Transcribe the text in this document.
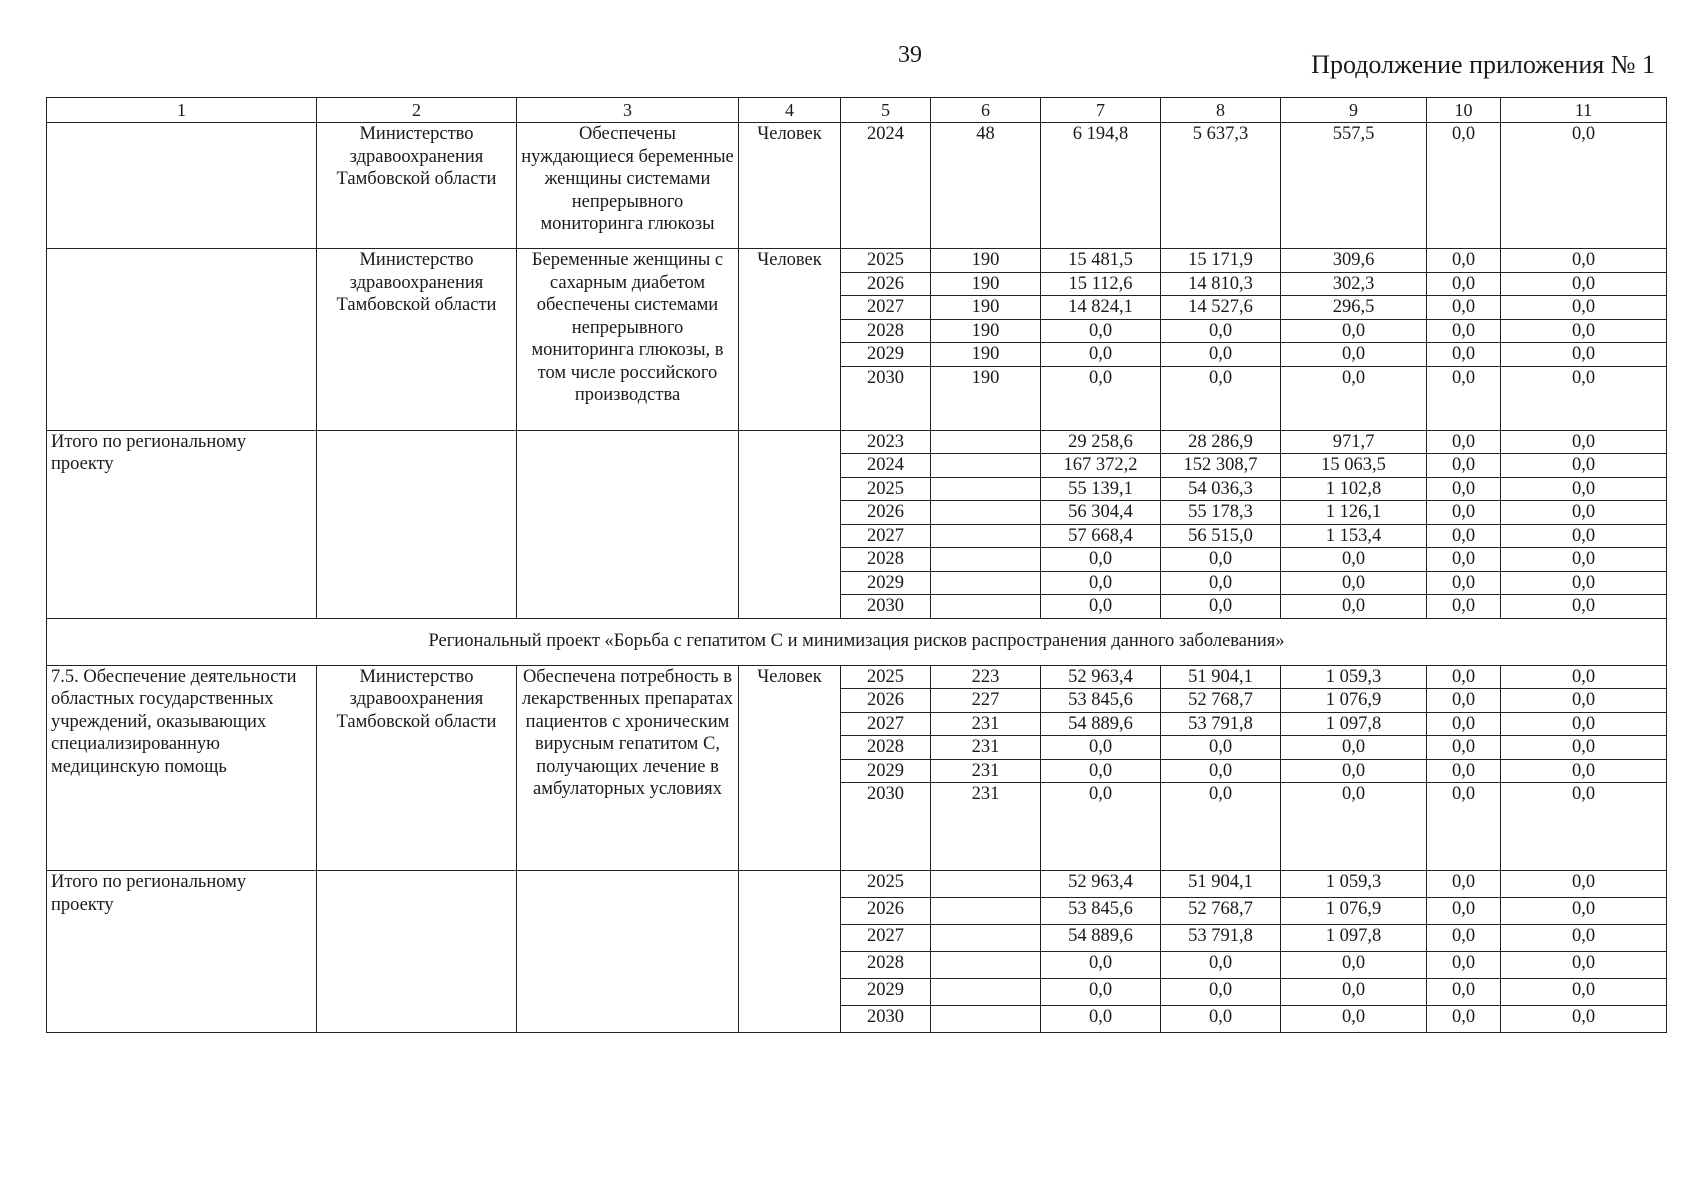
39	Продолжение приложения № 1
1	2	3	4	5	6	7	8	9	10	11
	Министерство здравоохранения Тамбовской области	Обеспечены нуждающиеся беременные женщины системами непрерывного мониторинга глюкозы	Человек	2024	48	6 194,8	5 637,3	557,5	0,0	0,0
	Министерство здравоохранения Тамбовской области	Беременные женщины с сахарным диабетом обеспечены системами непрерывного мониторинга глюкозы, в том числе российского производства	Человек	2025	190	15 481,5	15 171,9	309,6	0,0	0,0
				2026	190	15 112,6	14 810,3	302,3	0,0	0,0
				2027	190	14 824,1	14 527,6	296,5	0,0	0,0
				2028	190	0,0	0,0	0,0	0,0	0,0
				2029	190	0,0	0,0	0,0	0,0	0,0
				2030	190	0,0	0,0	0,0	0,0	0,0
Итого по региональному проекту				2023		29 258,6	28 286,9	971,7	0,0	0,0
				2024		167 372,2	152 308,7	15 063,5	0,0	0,0
				2025		55 139,1	54 036,3	1 102,8	0,0	0,0
				2026		56 304,4	55 178,3	1 126,1	0,0	0,0
				2027		57 668,4	56 515,0	1 153,4	0,0	0,0
				2028		0,0	0,0	0,0	0,0	0,0
				2029		0,0	0,0	0,0	0,0	0,0
				2030		0,0	0,0	0,0	0,0	0,0
Региональный проект «Борьба с гепатитом С и минимизация рисков распространения данного заболевания»										
7.5. Обеспечение деятельности областных государственных учреждений, оказывающих специализированную медицинскую помощь	Министерство здравоохранения Тамбовской области	Обеспечена потребность в лекарственных препаратах пациентов с хроническим вирусным гепатитом С, получающих лечение в амбулаторных условиях	Человек	2025	223	52 963,4	51 904,1	1 059,3	0,0	0,0
				2026	227	53 845,6	52 768,7	1 076,9	0,0	0,0
				2027	231	54 889,6	53 791,8	1 097,8	0,0	0,0
				2028	231	0,0	0,0	0,0	0,0	0,0
				2029	231	0,0	0,0	0,0	0,0	0,0
				2030	231	0,0	0,0	0,0	0,0	0,0
Итого по региональному проекту				2025		52 963,4	51 904,1	1 059,3	0,0	0,0
				2026		53 845,6	52 768,7	1 076,9	0,0	0,0
				2027		54 889,6	53 791,8	1 097,8	0,0	0,0
				2028		0,0	0,0	0,0	0,0	0,0
				2029		0,0	0,0	0,0	0,0	0,0
				2030		0,0	0,0	0,0	0,0	0,0
